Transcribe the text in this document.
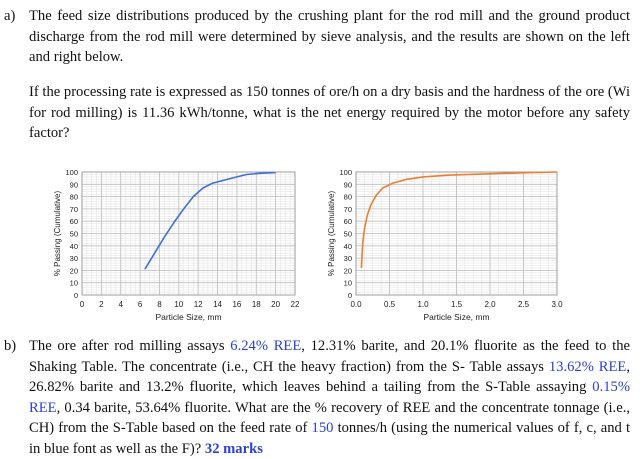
a) The feed size distributions produced by the crushing plant for the rod mill and the ground product discharge from the rod mill were determined by sieve analysis, and the results are shown on the left and right below.

If the processing rate is expressed as 150 tonnes of ore/h on a dry basis and the hardness of the ore (Wi for rod milling) is 11.36 kWh/tonne, what is the net energy required by the motor before any safety factor?

0 2 4 6 8 10 12 14 16 18 20 22
0
10
20
30
40
50
60
70
80
90
100
Particle Size, mm
% Passing (Cumulative)
0.0	0.5	1.0	1.5	2.0	2.5	3.0
0
10
20
30
40
50
60
70
80
90
100
Particle Size, mm
% Passing (Cumulative)
b) The ore after rod milling assays 6.24% REE, 12.31% barite, and 20.1% fluorite as the feed to the Shaking Table. The concentrate (i.e., CH the heavy fraction) from the S- Table assays 13.62% REE, 26.82% barite and 13.2% fluorite, which leaves behind a tailing from the S-Table assaying 0.15% REE, 0.34 barite, 53.64% fluorite. What are the % recovery of REE and the concentrate tonnage (i.e., CH) from the S-Table based on the feed rate of 150 tonnes/h (using the numerical values of f, c, and t in blue font as well as the F)? 32 marks
